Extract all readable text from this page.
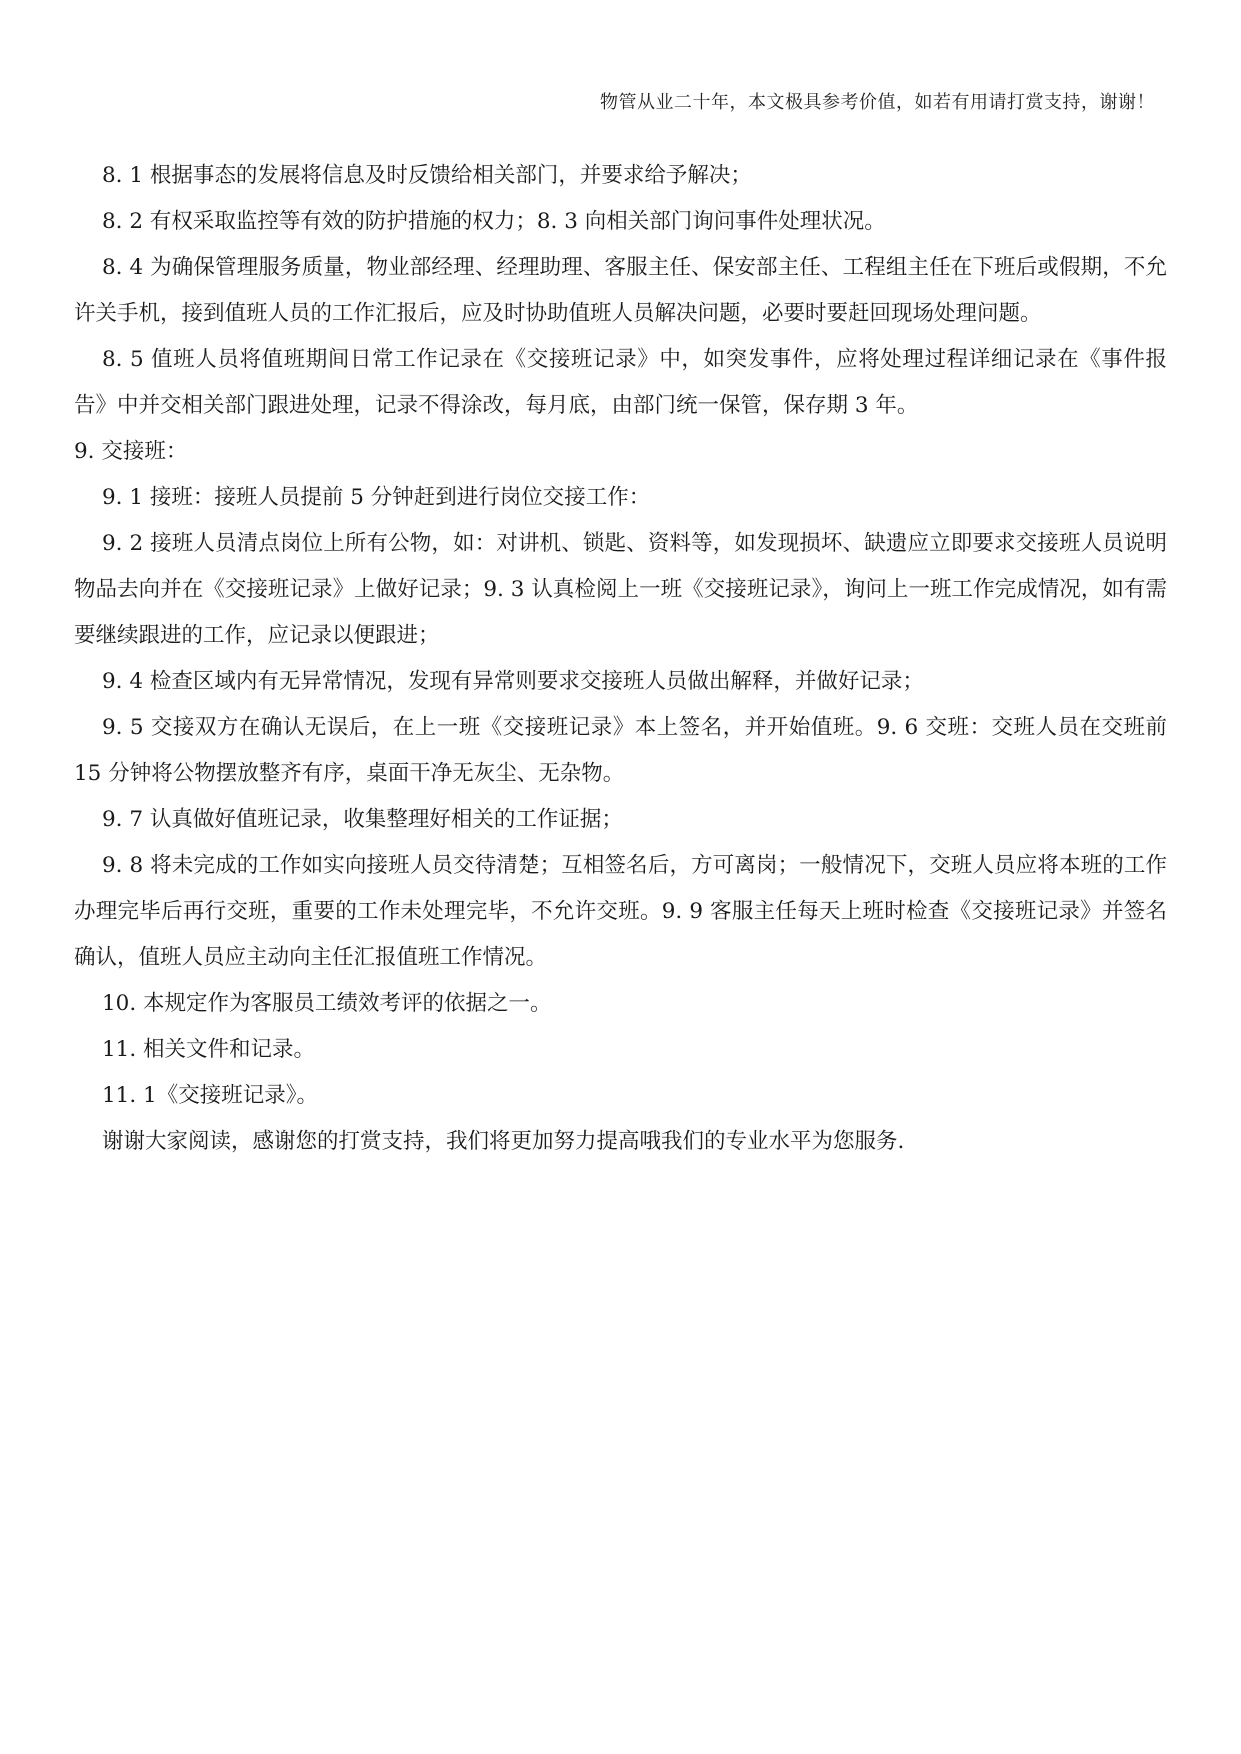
物管从业二十年，本文极具参考价值，如若有用请打赏支持，谢谢！

8. 1 根据事态的发展将信息及时反馈给相关部门，并要求给予解决；

8. 2 有权采取监控等有效的防护措施的权力；8. 3 向相关部门询问事件处理状况。

8. 4 为确保管理服务质量，物业部经理、经理助理、客服主任、保安部主任、工程组主任在下班后或假期，不允许关手机，接到值班人员的工作汇报后，应及时协助值班人员解决问题，必要时要赶回现场处理问题。

8. 5 值班人员将值班期间日常工作记录在《交接班记录》中，如突发事件，应将处理过程详细记录在《事件报告》中并交相关部门跟进处理，记录不得涂改，每月底，由部门统一保管，保存期 3 年。

9. 交接班：

9. 1 接班：接班人员提前 5 分钟赶到进行岗位交接工作：

9. 2 接班人员清点岗位上所有公物，如：对讲机、锁匙、资料等，如发现损坏、缺遗应立即要求交接班人员说明物品去向并在《交接班记录》上做好记录；9. 3 认真检阅上一班《交接班记录》，询问上一班工作完成情况，如有需要继续跟进的工作，应记录以便跟进；

9. 4 检查区域内有无异常情况，发现有异常则要求交接班人员做出解释，并做好记录；

9. 5 交接双方在确认无误后，在上一班《交接班记录》本上签名，并开始值班。9. 6 交班：交班人员在交班前 15 分钟将公物摆放整齐有序，桌面干净无灰尘、无杂物。

9. 7 认真做好值班记录，收集整理好相关的工作证据；

9. 8 将未完成的工作如实向接班人员交待清楚；互相签名后，方可离岗；一般情况下，交班人员应将本班的工作办理完毕后再行交班，重要的工作未处理完毕，不允许交班。9. 9 客服主任每天上班时检查《交接班记录》并签名确认，值班人员应主动向主任汇报值班工作情况。

10. 本规定作为客服员工绩效考评的依据之一。

11. 相关文件和记录。

11. 1《交接班记录》。

谢谢大家阅读，感谢您的打赏支持，我们将更加努力提高哦我们的专业水平为您服务.
